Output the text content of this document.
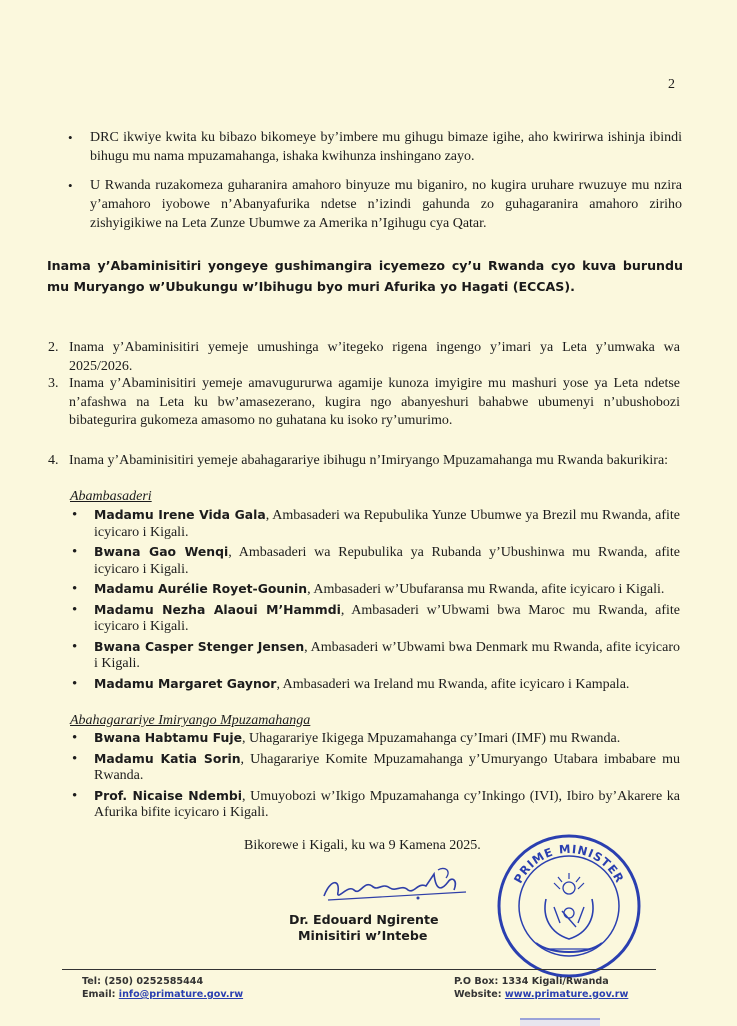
2
• DRC ikwiye kwita ku bibazo bikomeye by’imbere mu gihugu bimaze igihe, aho kwirirwa ishinja ibindi bihugu mu nama mpuzamahanga, ishaka kwihunza inshingano zayo.
• U Rwanda ruzakomeza guharanira amahoro binyuze mu biganiro, no kugira uruhare rwuzuye mu nzira y’amahoro iyobowe n’Abanyafurika ndetse n’izindi gahunda zo guhagaranira amahoro ziriho zishyigikiwe na Leta Zunze Ubumwe za Amerika n’Igihugu cya Qatar.
Inama y’Abaminisitiri yongeye gushimangira icyemezo cy’u Rwanda cyo kuva burundu mu Muryango w’Ubukungu w’Ibihugu byo muri Afurika yo Hagati (ECCAS).
2. Inama y’Abaminisitiri yemeje umushinga w’itegeko rigena ingengo y’imari ya Leta y’umwaka wa 2025/2026.
3. Inama y’Abaminisitiri yemeje amavugururwa agamije kunoza imyigire mu mashuri yose ya Leta ndetse n’afashwa na Leta ku bw’amasezerano, kugira ngo abanyeshuri bahabwe ubumenyi n’ubushobozi bibategurira gukomeza amasomo no guhatana ku isoko ry’umurimo.
4. Inama y’Abaminisitiri yemeje abahagarariye ibihugu n’Imiryango Mpuzamahanga mu Rwanda bakurikira:
Abambasaderi
• Madamu Irene Vida Gala, Ambasaderi wa Repubulika Yunze Ubumwe ya Brezil mu Rwanda, afite icyicaro i Kigali.
• Bwana Gao Wenqi, Ambasaderi wa Repubulika ya Rubanda y’Ubushinwa mu Rwanda, afite icyicaro i Kigali.
• Madamu Aurélie Royet-Gounin, Ambasaderi w’Ubufaransa mu Rwanda, afite icyicaro i Kigali.
• Madamu Nezha Alaoui M’Hammdi, Ambasaderi w’Ubwami bwa Maroc mu Rwanda, afite icyicaro i Kigali.
• Bwana Casper Stenger Jensen, Ambasaderi w’Ubwami bwa Denmark mu Rwanda, afite icyicaro i Kigali.
• Madamu Margaret Gaynor, Ambasaderi wa Ireland mu Rwanda, afite icyicaro i Kampala.
Abahagarariye Imiryango Mpuzamahanga
• Bwana Habtamu Fuje, Uhagarariye Ikigega Mpuzamahanga cy’Imari (IMF) mu Rwanda.
• Madamu Katia Sorin, Uhagarariye Komite Mpuzamahanga y’Umuryango Utabara imbabare mu Rwanda.
• Prof. Nicaise Ndembi, Umuyobozi w’Ikigo Mpuzamahanga cy’Inkingo (IVI), Ibiro by’Akarere ka Afurika bifite icyicaro i Kigali.
Bikorewe i Kigali, ku wa 9 Kamena 2025.
Dr. Edouard Ngirente
Minisitiri w’Intebe
PRIME MINISTER
Tel: (250) 0252585444
Email: info@primature.gov.rw
P.O Box: 1334 Kigali/Rwanda
Website: www.primature.gov.rw
